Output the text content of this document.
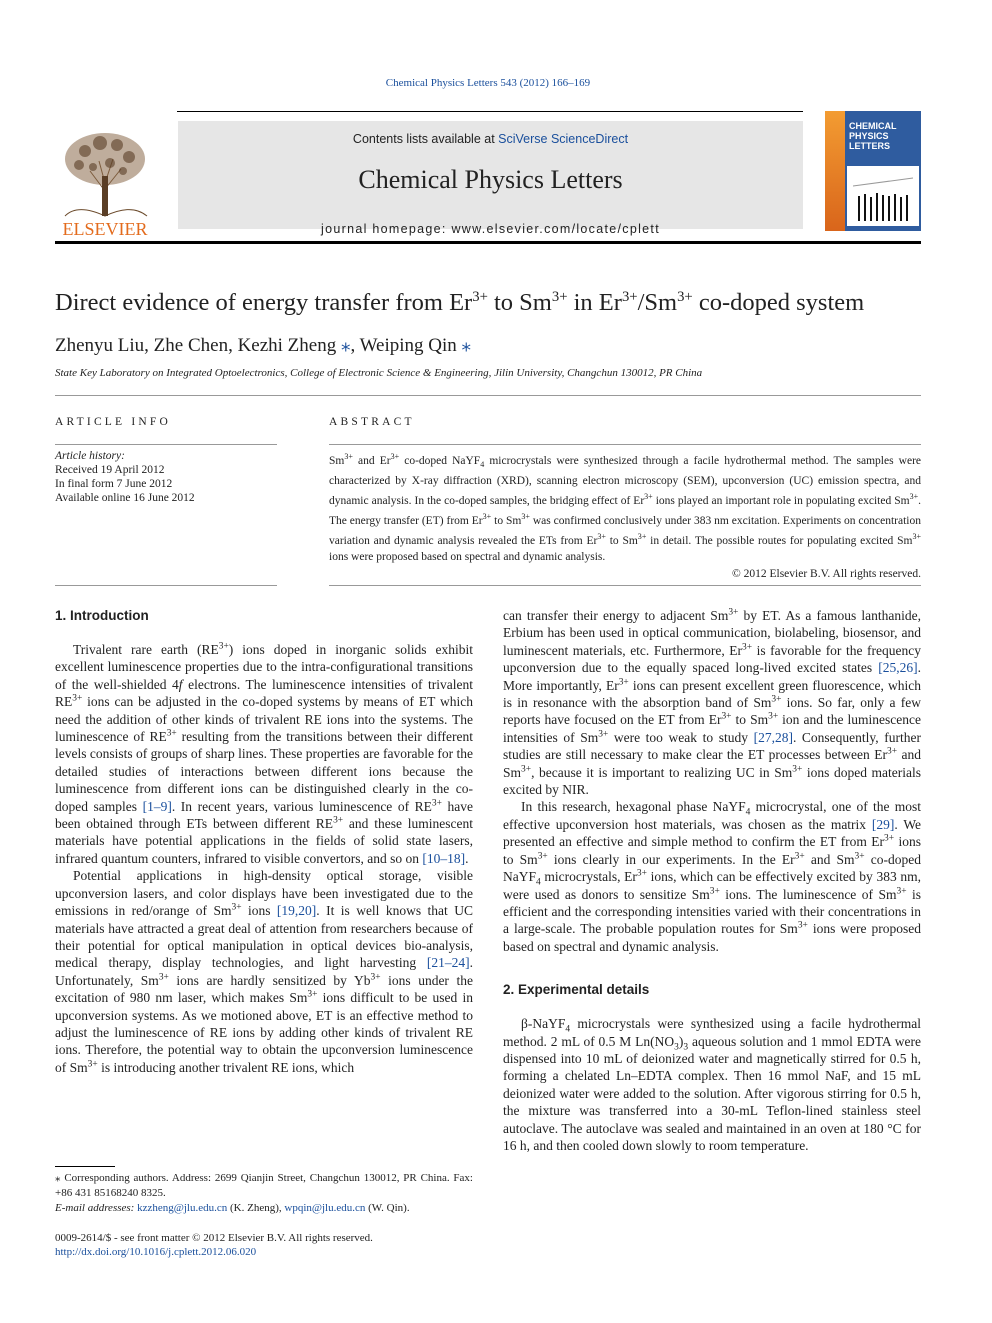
Chemical Physics Letters 543 (2012) 166–169
ELSEVIER
Contents lists available at SciVerse ScienceDirect
Chemical Physics Letters
journal homepage: www.elsevier.com/locate/cplett
CHEMICAL
PHYSICS
LETTERS
Direct evidence of energy transfer from $Er^{3+}$ to $Sm^{3+}$ in $Er^{3+}/Sm^{3+}$ co-doped system
Zhenyu Liu, Zhe Chen, Kezhi Zheng ⁎, Weiping Qin ⁎
State Key Laboratory on Integrated Optoelectronics, College of Electronic Science & Engineering, Jilin University, Changchun 130012, PR China
ARTICLE INFO
Article history:
Received 19 April 2012
In final form 7 June 2012
Available online 16 June 2012
ABSTRACT
$Sm^{3+}$ and $Er^{3+}$ co-doped NaYF$_4$ microcrystals were synthesized through a facile hydrothermal method. The samples were characterized by X-ray diffraction (XRD), scanning electron microscopy (SEM), upconversion (UC) emission spectra, and dynamic analysis. In the co-doped samples, the bridging effect of $Er^{3+}$ ions played an important role in populating excited $Sm^{3+}$. The energy transfer (ET) from $Er^{3+}$ to $Sm^{3+}$ was confirmed conclusively under 383 nm excitation. Experiments on concentration variation and dynamic analysis revealed the ETs from $Er^{3+}$ to $Sm^{3+}$ in detail. The possible routes for populating excited $Sm^{3+}$ ions were proposed based on spectral and dynamic analysis.
© 2012 Elsevier B.V. All rights reserved.
1. Introduction

Trivalent rare earth $(RE^{3+})$ ions doped in inorganic solids exhibit excellent luminescence properties due to the intra-configurational transitions of the well-shielded 4f electrons. The luminescence intensities of trivalent $RE^{3+}$ ions can be adjusted in the co-doped systems by means of ET which need the addition of other kinds of trivalent RE ions into the systems. The luminescence of $RE^{3+}$ resulting from the transitions between their different levels consists of groups of sharp lines. These properties are favorable for the detailed studies of interactions between different ions because the luminescence from different ions can be distinguished clearly in the co-doped samples [1–9]. In recent years, various luminescence of $RE^{3+}$ have been obtained through ETs between different $RE^{3+}$ and these luminescent materials have potential applications in the fields of solid state lasers, infrared quantum counters, infrared to visible convertors, and so on [10–18].

Potential applications in high-density optical storage, visible upconversion lasers, and color displays have been investigated due to the emissions in red/orange of $Sm^{3+}$ ions [19,20]. It is well knows that UC materials have attracted a great deal of attention from researchers because of their potential for optical manipulation in optical devices bio-analysis, medical therapy, display technologies, and light harvesting [21–24]. Unfortunately, $Sm^{3+}$ ions are hardly sensitized by $Yb^{3+}$ ions under the excitation of 980 nm laser, which makes $Sm^{3+}$ ions difficult to be used in upconversion systems. As we motioned above, ET is an effective method to adjust the luminescence of RE ions by adding other kinds of trivalent RE ions. Therefore, the potential way to obtain the upconversion luminescence of $Sm^{3+}$ is introducing another trivalent RE ions, which

can transfer their energy to adjacent $Sm^{3+}$ by ET. As a famous lanthanide, Erbium has been used in optical communication, biolabeling, biosensor, and luminescent materials, etc. Furthermore, $Er^{3+}$ is favorable for the frequency upconversion due to the equally spaced long-lived excited states [25,26]. More importantly, $Er^{3+}$ ions can present excellent green fluorescence, which is in resonance with the absorption band of $Sm^{3+}$ ions. So far, only a few reports have focused on the ET from $Er^{3+}$ to $Sm^{3+}$ ion and the luminescence intensities of $Sm^{3+}$ were too weak to study [27,28]. Consequently, further studies are still necessary to make clear the ET processes between $Er^{3+}$ and $Sm^{3+}$, because it is important to realizing UC in $Sm^{3+}$ ions doped materials excited by NIR.

In this research, hexagonal phase NaYF$_4$ microcrystal, one of the most effective upconversion host materials, was chosen as the matrix [29]. We presented an effective and simple method to confirm the ET from $Er^{3+}$ ions to $Sm^{3+}$ ions clearly in our experiments. In the $Er^{3+}$ and $Sm^{3+}$ co-doped NaYF$_4$ microcrystals, $Er^{3+}$ ions, which can be effectively excited by 383 nm, were used as donors to sensitize $Sm^{3+}$ ions. The luminescence of $Sm^{3+}$ is efficient and the corresponding intensities varied with their concentrations in a large-scale. The probable population routes for $Sm^{3+}$ ions were proposed based on spectral and dynamic analysis.

2. Experimental details

β-NaYF$_4$ microcrystals were synthesized using a facile hydrothermal method. 2 mL of 0.5 M $Ln(NO_3)_3$ aqueous solution and 1 mmol EDTA were dispensed into 10 mL of deionized water and magnetically stirred for 0.5 h, forming a chelated Ln–EDTA complex. Then 16 mmol NaF, and 15 mL deionized water were added to the solution. After vigorous stirring for 0.5 h, the mixture was transferred into a 30-mL Teflon-lined stainless steel autoclave. The autoclave was sealed and maintained in an oven at 180 °C for 16 h, and then cooled down slowly to room temperature.

⁎ Corresponding authors. Address: 2699 Qianjin Street, Changchun 130012, PR China. Fax: +86 431 85168240 8325.
E-mail addresses: kzzheng@jlu.edu.cn (K. Zheng), wpqin@jlu.edu.cn (W. Qin).
0009-2614/$ - see front matter © 2012 Elsevier B.V. All rights reserved.
http://dx.doi.org/10.1016/j.cplett.2012.06.020
